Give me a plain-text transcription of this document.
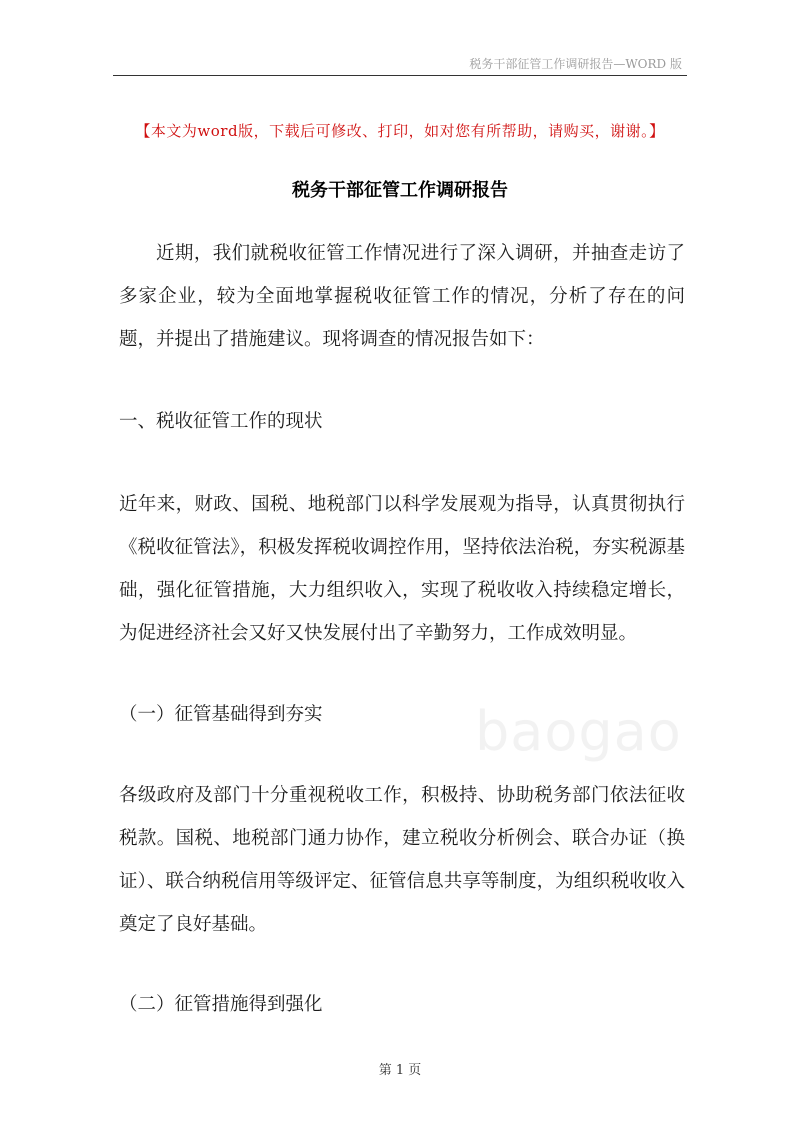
税务干部征管工作调研报告—WORD 版
【本文为word版，下载后可修改、打印，如对您有所帮助，请购买，谢谢。】
税务干部征管工作调研报告
近期，我们就税收征管工作情况进行了深入调研，并抽查走访了多家企业，较为全面地掌握税收征管工作的情况，分析了存在的问题，并提出了措施建议。现将调查的情况报告如下：
一、税收征管工作的现状
近年来，财政、国税、地税部门以科学发展观为指导，认真贯彻执行《税收征管法》，积极发挥税收调控作用，坚持依法治税，夯实税源基础，强化征管措施，大力组织收入，实现了税收收入持续稳定增长，为促进经济社会又好又快发展付出了辛勤努力，工作成效明显。
baogao
（一）征管基础得到夯实
各级政府及部门十分重视税收工作，积极持、协助税务部门依法征收税款。国税、地税部门通力协作，建立税收分析例会、联合办证（换证）、联合纳税信用等级评定、征管信息共享等制度，为组织税收收入奠定了良好基础。
（二）征管措施得到强化
第 1 页
